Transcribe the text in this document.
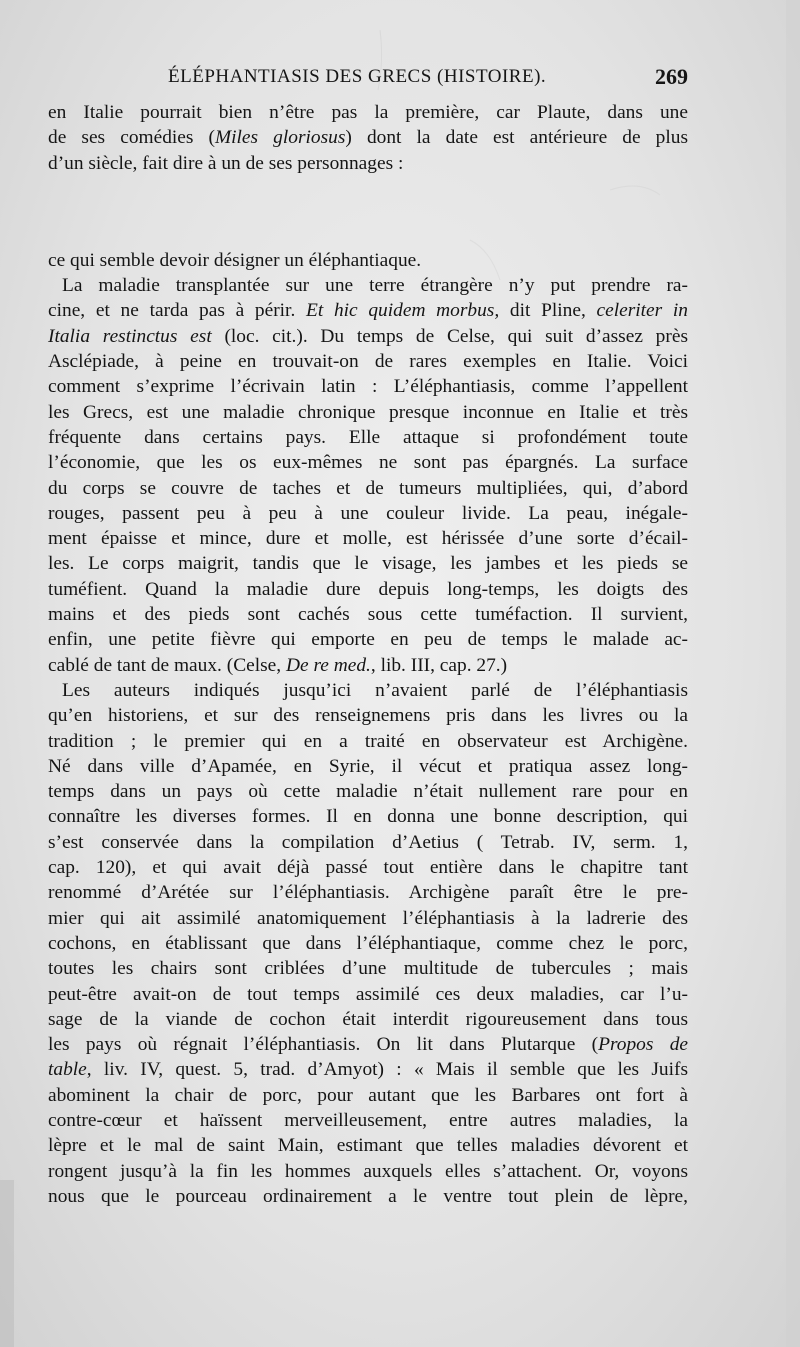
ÉLÉPHANTIASIS DES GRECS (HISTOIRE).	269
en Italie pourrait bien n’être pas la première, car Plaute, dans une
de ses comédies (Miles gloriosus) dont la date est antérieure de plus
d’un siècle, fait dire à un de ses personnages :
ce qui semble devoir désigner un éléphantiaque.
La maladie transplantée sur une terre étrangère n’y put prendre ra-
cine, et ne tarda pas à périr. Et hic quidem morbus, dit Pline, celeriter in
Italia restinctus est (loc. cit.). Du temps de Celse, qui suit d’assez près
Asclépiade, à peine en trouvait-on de rares exemples en Italie. Voici
comment s’exprime l’écrivain latin : L’éléphantiasis, comme l’appellent
les Grecs, est une maladie chronique presque inconnue en Italie et très
fréquente dans certains pays. Elle attaque si profondément toute
l’économie, que les os eux-mêmes ne sont pas épargnés. La surface
du corps se couvre de taches et de tumeurs multipliées, qui, d’abord
rouges, passent peu à peu à une couleur livide. La peau, inégale-
ment épaisse et mince, dure et molle, est hérissée d’une sorte d’écail-
les. Le corps maigrit, tandis que le visage, les jambes et les pieds se
tuméfient. Quand la maladie dure depuis long-temps, les doigts des
mains et des pieds sont cachés sous cette tuméfaction. Il survient,
enfin, une petite fièvre qui emporte en peu de temps le malade ac-
cablé de tant de maux. (Celse, De re med., lib. III, cap. 27.)
Les auteurs indiqués jusqu’ici n’avaient parlé de l’éléphantiasis
qu’en historiens, et sur des renseignemens pris dans les livres ou la
tradition ; le premier qui en a traité en observateur est Archigène.
Né dans ville d’Apamée, en Syrie, il vécut et pratiqua assez long-
temps dans un pays où cette maladie n’était nullement rare pour en
connaître les diverses formes. Il en donna une bonne description, qui
s’est conservée dans la compilation d’Aetius ( Tetrab. IV, serm. 1,
cap. 120), et qui avait déjà passé tout entière dans le chapitre tant
renommé d’Arétée sur l’éléphantiasis. Archigène paraît être le pre-
mier qui ait assimilé anatomiquement l’éléphantiasis à la ladrerie des
cochons, en établissant que dans l’éléphantiaque, comme chez le porc,
toutes les chairs sont criblées d’une multitude de tubercules ; mais
peut-être avait-on de tout temps assimilé ces deux maladies, car l’u-
sage de la viande de cochon était interdit rigoureusement dans tous
les pays où régnait l’éléphantiasis. On lit dans Plutarque (Propos de
table, liv. IV, quest. 5, trad. d’Amyot) : « Mais il semble que les Juifs
abominent la chair de porc, pour autant que les Barbares ont fort à
contre-cœur et haïssent merveilleusement, entre autres maladies, la
lèpre et le mal de saint Main, estimant que telles maladies dévorent et
rongent jusqu’à la fin les hommes auxquels elles s’attachent. Or, voyons
nous que le pourceau ordinairement a le ventre tout plein de lèpre,
